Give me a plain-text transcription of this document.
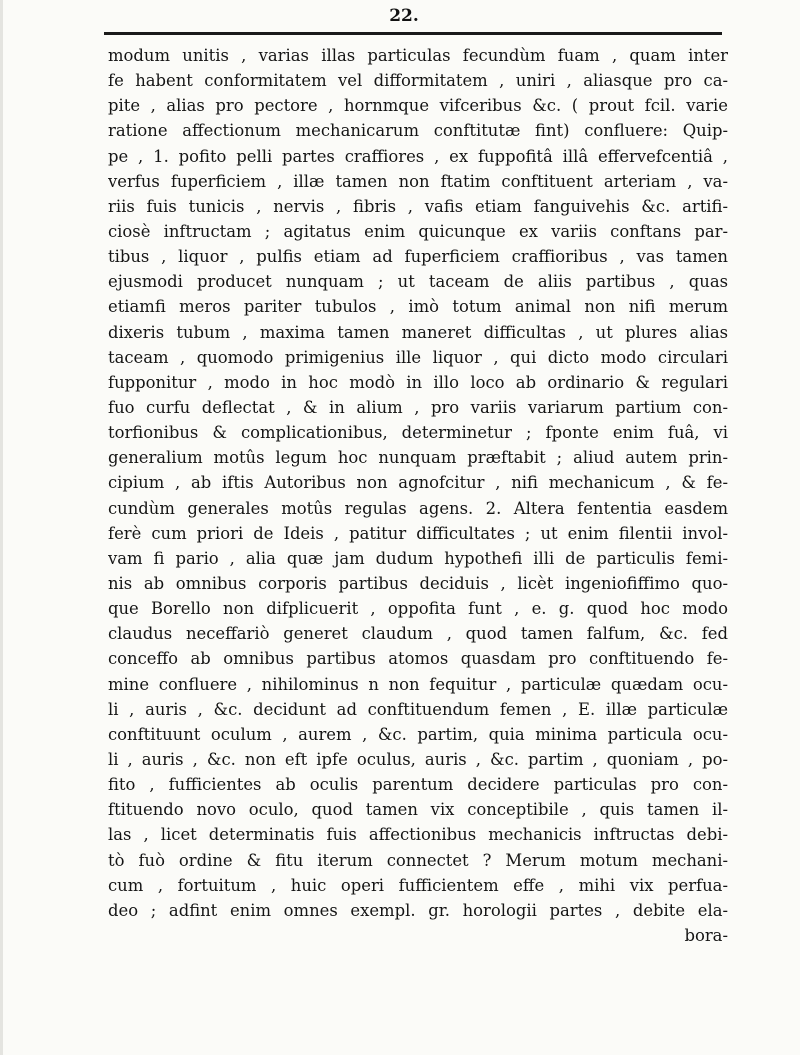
22.
modum unitis , varias illas particulas fecundùm fuam , quam inter
fe habent conformitatem vel difformitatem , uniri , aliasque pro ca-
pite , alias pro pectore , hornmque vifceribus &c. ( prout fcil. varie
ratione affectionum mechanicarum conftitutæ fint) confluere: Quip-
pe , 1. pofito pelli partes craffiores , ex fuppofitâ illâ effervefcentiâ ,
verfus fuperficiem , illæ tamen non ftatim conftituent arteriam , va-
riis fuis tunicis , nervis , fibris , vafis etiam fanguivehis &c. artifi-
ciosè inftructam ; agitatus enim quicunque ex variis conftans par-
tibus , liquor , pulfis etiam ad fuperficiem craffioribus , vas tamen
ejusmodi producet nunquam ; ut taceam de aliis partibus , quas
etiamfi meros pariter tubulos , imò totum animal non nifi merum
dixeris tubum , maxima tamen maneret difficultas , ut plures alias
taceam , quomodo primigenius ille liquor , qui dicto modo circulari
fupponitur , modo in hoc modò in illo loco ab ordinario & regulari
fuo curfu deflectat , & in alium , pro variis variarum partium con-
torfionibus & complicationibus, determinetur ; fponte enim fuâ, vi
generalium motûs legum hoc nunquam præftabit ; aliud autem prin-
cipium , ab iftis Autoribus non agnofcitur , nifi mechanicum , & fe-
cundùm generales motûs regulas agens. 2. Altera fententia easdem
ferè cum priori de Ideis , patitur difficultates ; ut enim filentii invol-
vam fi pario , alia quæ jam dudum hypothefi illi de particulis femi-
nis ab omnibus corporis partibus deciduis , licèt ingeniofiffimo quo-
que Borello non difplicuerit , oppofita funt , e. g. quod hoc modo
claudus neceffariò generet claudum , quod tamen falfum, &c. fed
conceffo ab omnibus partibus atomos quasdam pro conftituendo fe-
mine confluere , nihilominus n non fequitur , particulæ quædam ocu-
li , auris , &c. decidunt ad conftituendum femen , E. illæ particulæ
conftituunt oculum , aurem , &c. partim, quia minima particula ocu-
li , auris , &c. non eft ipfe oculus, auris , &c. partim , quoniam , po-
fito , fufficientes ab oculis parentum decidere particulas pro con-
ftituendo novo oculo, quod tamen vix conceptibile , quis tamen il-
las , licet determinatis fuis affectionibus mechanicis inftructas debi-
tò fuò ordine & fitu iterum connectet ? Merum motum mechani-
cum , fortuitum , huic operi fufficientem effe , mihi vix perfua-
deo ; adfint enim omnes exempl. gr. horologii partes , debite ela-
bora-
